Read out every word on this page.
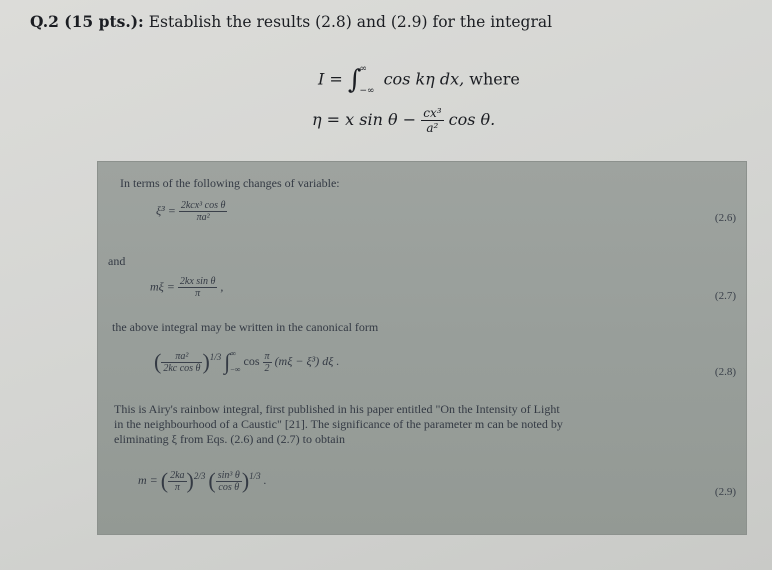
Q.2 (15 pts.): Establish the results (2.8) and (2.9) for the integral
I = ∫
∞
−∞
cos kη dx, where
η = x $\sin \theta - \frac{\text{cx³}}{\text{a²}}$ cos θ.
In terms of the following changes of variable:
ξ³ = 2kcx³ cos θ
πa²	(2.6)
and
$m\xi = \frac{\text{2kx sin θ}}{\pi}$ ,
(2.7)
the above integral may be written in the canonical form
( $\frac{\text{πa²}}{\text{2kc cos θ}} )^{1/3}$ ∫ ∞
−∞
$\cos \frac{\pi}{2} (m\xi - \xi^3)$ dξ .
(2.8)
This is Airy's rainbow integral, first published in his paper entitled "On the Intensity of Light
in the neighbourhood of a Caustic" [21]. The significance of the parameter m can be noted by
eliminating ξ from Eqs. (2.6) and (2.7) to obtain
m = ( $\frac{2ka}{\pi} )^{2/3}$ ( $\frac{\text{sin³ θ}}{\text{cos θ}} )^{1/3}$ .
(2.9)
